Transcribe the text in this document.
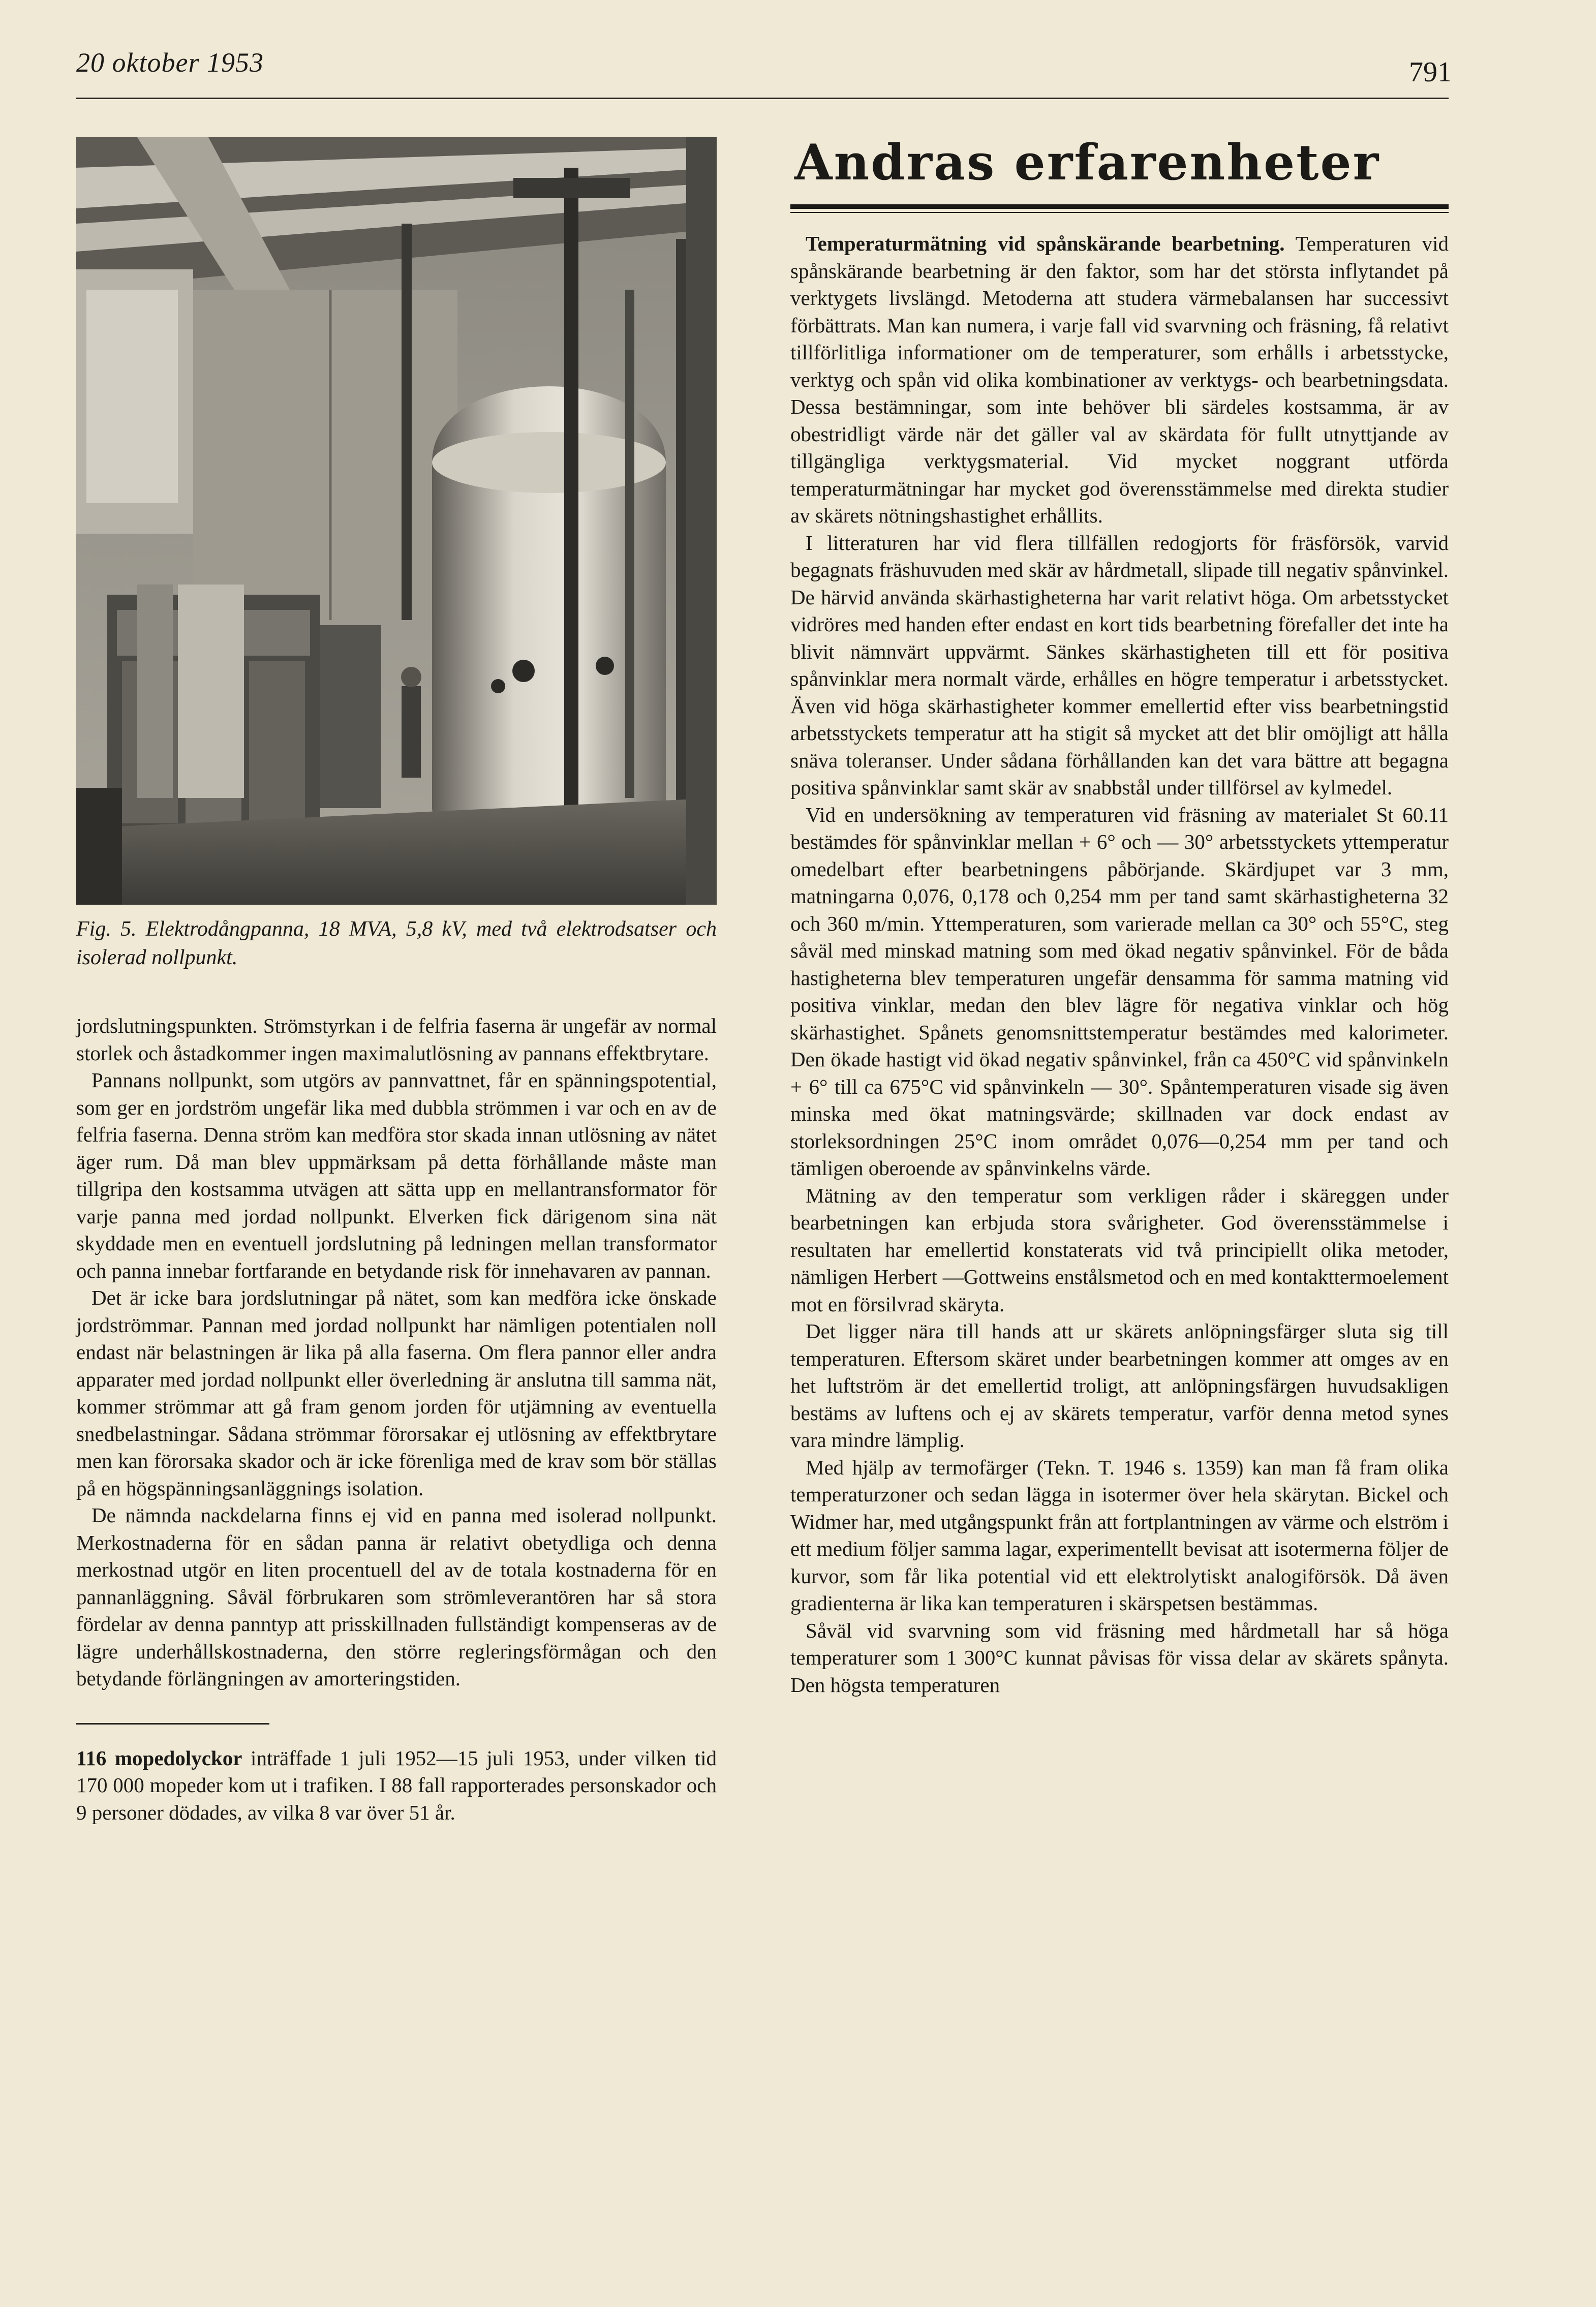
20 oktober 1953	791
Fig. 5. Elektrodångpanna, 18 MVA, 5,8 kV, med två elektrodsatser och isolerad nollpunkt.

jordslutningspunkten. Strömstyrkan i de felfria faserna är ungefär av normal storlek och åstadkommer ingen maximalutlösning av pannans effektbrytare.

Pannans nollpunkt, som utgörs av pannvattnet, får en spänningspotential, som ger en jordström ungefär lika med dubbla strömmen i var och en av de felfria faserna. Denna ström kan medföra stor skada innan utlösning av nätet äger rum. Då man blev uppmärksam på detta förhållande måste man tillgripa den kostsamma utvägen att sätta upp en mellantransformator för varje panna med jordad nollpunkt. Elverken fick därigenom sina nät skyddade men en eventuell jordslutning på ledningen mellan transformator och panna innebar fortfarande en betydande risk för innehavaren av pannan.

Det är icke bara jordslutningar på nätet, som kan medföra icke önskade jordströmmar. Pannan med jordad nollpunkt har nämligen potentialen noll endast när belastningen är lika på alla faserna. Om flera pannor eller andra apparater med jordad nollpunkt eller överledning är anslutna till samma nät, kommer strömmar att gå fram genom jorden för utjämning av eventuella snedbelastningar. Sådana strömmar förorsakar ej utlösning av effektbrytare men kan förorsaka skador och är icke förenliga med de krav som bör ställas på en högspänningsanläggnings isolation.

De nämnda nackdelarna finns ej vid en panna med isolerad nollpunkt. Merkostnaderna för en sådan panna är relativt obetydliga och denna merkostnad utgör en liten procentuell del av de totala kostnaderna för en pannanläggning. Såväl förbrukaren som strömleverantören har så stora fördelar av denna panntyp att prisskillnaden fullständigt kompenseras av de lägre underhållskostnaderna, den större regleringsförmågan och den betydande förlängningen av amorteringstiden.

116 mopedolyckor inträffade 1 juli 1952—15 juli 1953, under vilken tid 170 000 mopeder kom ut i trafiken. I 88 fall rapporterades personskador och 9 personer dödades, av vilka 8 var över 51 år.
Andras erfarenheter

Temperaturmätning vid spånskärande bearbetning. Temperaturen vid spånskärande bearbetning är den faktor, som har det största inflytandet på verktygets livslängd. Metoderna att studera värmebalansen har successivt förbättrats. Man kan numera, i varje fall vid svarvning och fräsning, få relativt tillförlitliga informationer om de temperaturer, som erhålls i arbetsstycke, verktyg och spån vid olika kombinationer av verktygs- och bearbetningsdata. Dessa bestämningar, som inte behöver bli särdeles kostsamma, är av obestridligt värde när det gäller val av skärdata för fullt utnyttjande av tillgängliga verktygsmaterial. Vid mycket noggrant utförda temperaturmätningar har mycket god överensstämmelse med direkta studier av skärets nötningshastighet erhållits.

I litteraturen har vid flera tillfällen redogjorts för fräsförsök, varvid begagnats fräshuvuden med skär av hårdmetall, slipade till negativ spånvinkel. De härvid använda skärhastigheterna har varit relativt höga. Om arbetsstycket vidröres med handen efter endast en kort tids bearbetning förefaller det inte ha blivit nämnvärt uppvärmt. Sänkes skärhastigheten till ett för positiva spånvinklar mera normalt värde, erhålles en högre temperatur i arbetsstycket. Även vid höga skärhastigheter kommer emellertid efter viss bearbetningstid arbetsstyckets temperatur att ha stigit så mycket att det blir omöjligt att hålla snäva toleranser. Under sådana förhållanden kan det vara bättre att begagna positiva spånvinklar samt skär av snabbstål under tillförsel av kylmedel.

Vid en undersökning av temperaturen vid fräsning av materialet St 60.11 bestämdes för spånvinklar mellan + 6° och — 30° arbetsstyckets yttemperatur omedelbart efter bearbetningens påbörjande. Skärdjupet var 3 mm, matningarna 0,076, 0,178 och 0,254 mm per tand samt skärhastigheterna 32 och 360 m/min. Yttemperaturen, som varierade mellan ca 30° och 55°C, steg såväl med minskad matning som med ökad negativ spånvinkel. För de båda hastigheterna blev temperaturen ungefär densamma för samma matning vid positiva vinklar, medan den blev lägre för negativa vinklar och hög skärhastighet. Spånets genomsnittstemperatur bestämdes med kalorimeter. Den ökade hastigt vid ökad negativ spånvinkel, från ca 450°C vid spånvinkeln + 6° till ca 675°C vid spånvinkeln — 30°. Spåntemperaturen visade sig även minska med ökat matningsvärde; skillnaden var dock endast av storleksordningen 25°C inom området 0,076—0,254 mm per tand och tämligen oberoende av spånvinkelns värde.

Mätning av den temperatur som verkligen råder i skäreggen under bearbetningen kan erbjuda stora svårigheter. God överensstämmelse i resultaten har emellertid konstaterats vid två principiellt olika metoder, nämligen Herbert —Gottweins enstålsmetod och en med kontakttermoelement mot en försilvrad skäryta.

Det ligger nära till hands att ur skärets anlöpningsfärger sluta sig till temperaturen. Eftersom skäret under bearbetningen kommer att omges av en het luftström är det emellertid troligt, att anlöpningsfärgen huvudsakligen bestäms av luftens och ej av skärets temperatur, varför denna metod synes vara mindre lämplig.

Med hjälp av termofärger (Tekn. T. 1946 s. 1359) kan man få fram olika temperaturzoner och sedan lägga in isotermer över hela skärytan. Bickel och Widmer har, med utgångspunkt från att fortplantningen av värme och elström i ett medium följer samma lagar, experimentellt bevisat att isotermerna följer de kurvor, som får lika potential vid ett elektrolytiskt analogiförsök. Då även gradienterna är lika kan temperaturen i skärspetsen bestämmas.

Såväl vid svarvning som vid fräsning med hårdmetall har så höga temperaturer som 1 300°C kunnat påvisas för vissa delar av skärets spånyta. Den högsta temperaturen
